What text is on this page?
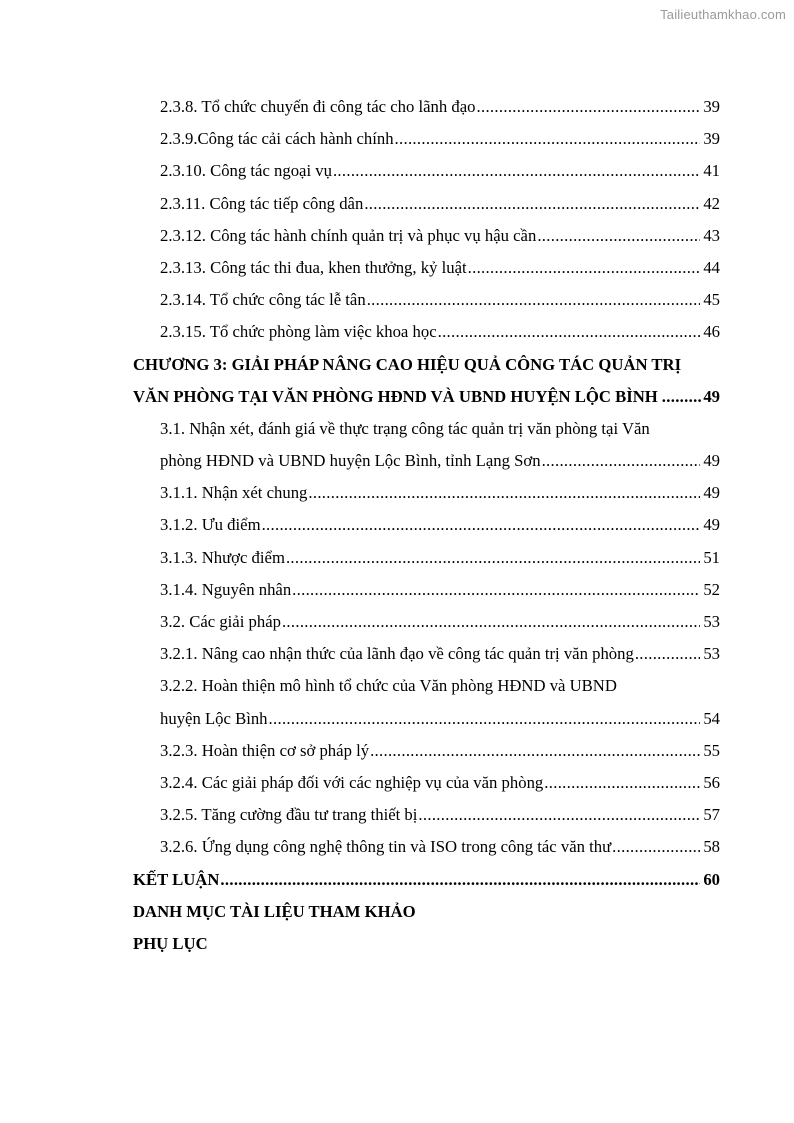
Tailieuthamkhao.com
2.3.8. Tổ chức chuyến đi công tác cho lãnh đạo .....	39
2.3.9.Công tác cải cách hành chính .....	39
2.3.10. Công tác ngoại vụ .....	41
2.3.11. Công tác tiếp công dân .....	42
2.3.12. Công tác hành chính quản trị và phục vụ hậu cần .....	43
2.3.13. Công tác thi đua, khen thưởng, kỷ luật .....	44
2.3.14. Tổ chức công tác lễ tân .....	45
2.3.15. Tổ chức phòng làm việc khoa học .....	46
CHƯƠNG 3: GIẢI PHÁP NÂNG CAO HIỆU QUẢ CÔNG TÁC QUẢN TRỊ
VĂN PHÒNG TẠI VĂN PHÒNG HĐND VÀ UBND HUYỆN LỘC BÌNH .....	49
3.1. Nhận xét, đánh giá về thực trạng công tác quản trị văn phòng tại Văn
phòng HĐND và UBND huyện Lộc Bình, tỉnh Lạng Sơn .....	49
3.1.1. Nhận xét chung .....	49
3.1.2. Ưu điểm .....	49
3.1.3. Nhược điểm .....	51
3.1.4. Nguyên nhân .....	52
3.2. Các giải pháp .....	53
3.2.1. Nâng cao nhận thức của lãnh đạo về công tác quản trị văn phòng .....	53
3.2.2. Hoàn thiện mô hình tổ chức của Văn phòng HĐND và UBND
huyện Lộc Bình .....	54
3.2.3. Hoàn thiện cơ sở pháp lý .....	55
3.2.4. Các giải pháp đối với các nghiệp vụ của văn phòng .....	56
3.2.5. Tăng cường đầu tư trang thiết bị .....	57
3.2.6. Ứng dụng công nghệ thông tin và ISO trong công tác văn thư .....	58
KẾT LUẬN .....	60
DANH MỤC TÀI LIỆU THAM KHẢO
PHỤ LỤC
